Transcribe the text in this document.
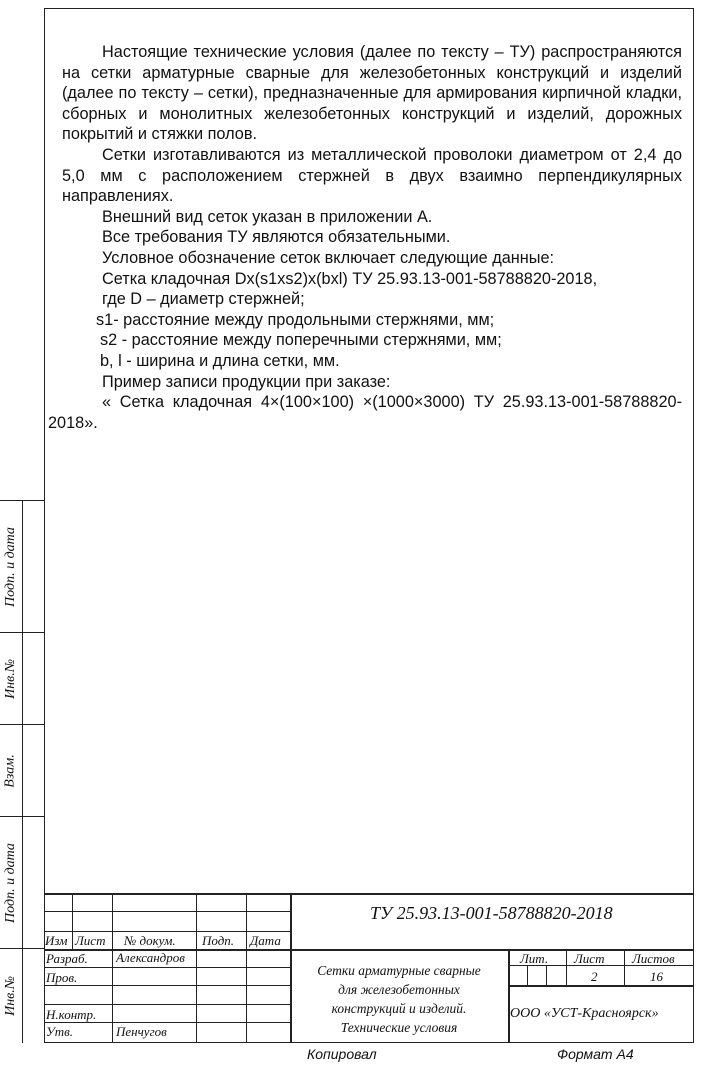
Настоящие технические условия (далее по тексту – ТУ) распространяются на сетки арматурные сварные для железобетонных конструкций и изделий (далее по тексту – сетки), предназначенные для армирования кирпичной кладки, сборных и монолитных железобетонных конструкций и изделий, дорожных покрытий и стяжки полов.

Сетки изготавливаются из металлической проволоки диаметром от 2,4 до 5,0 мм с расположением стержней в двух взаимно перпендикулярных направлениях.

Внешний вид сеток указан в приложении А.

Все требования ТУ являются обязательными.

Условное обозначение сеток включает следующие данные:

Сетка кладочная Dx(s1xs2)x(bxl) ТУ 25.93.13-001-58788820-2018,

где D – диаметр стержней;

s1- расстояние между продольными стержнями, мм;

s2 - расстояние между поперечными стержнями, мм;

b, l - ширина и длина сетки, мм.

Пример записи продукции при заказе:

« Сетка кладочная 4×(100×100) ×(1000×3000) ТУ 25.93.13-001-58788820-2018».

Подп. и дата
Инв.№
Взам.
Подп. и дата
Инв.№
ТУ 25.93.13-001-58788820-2018
Изм Лист № докум. Подп. Дата
Разраб. Александров
Пров.
Н.контр.
Утв.	Пенчугов
Сетки арматурные сварные
для железобетонных
конструкций и изделий.
Технические условия
Лит. Лист Листов
2	16
ООО «УСТ-Красноярск»
Копировал	Формат А4
